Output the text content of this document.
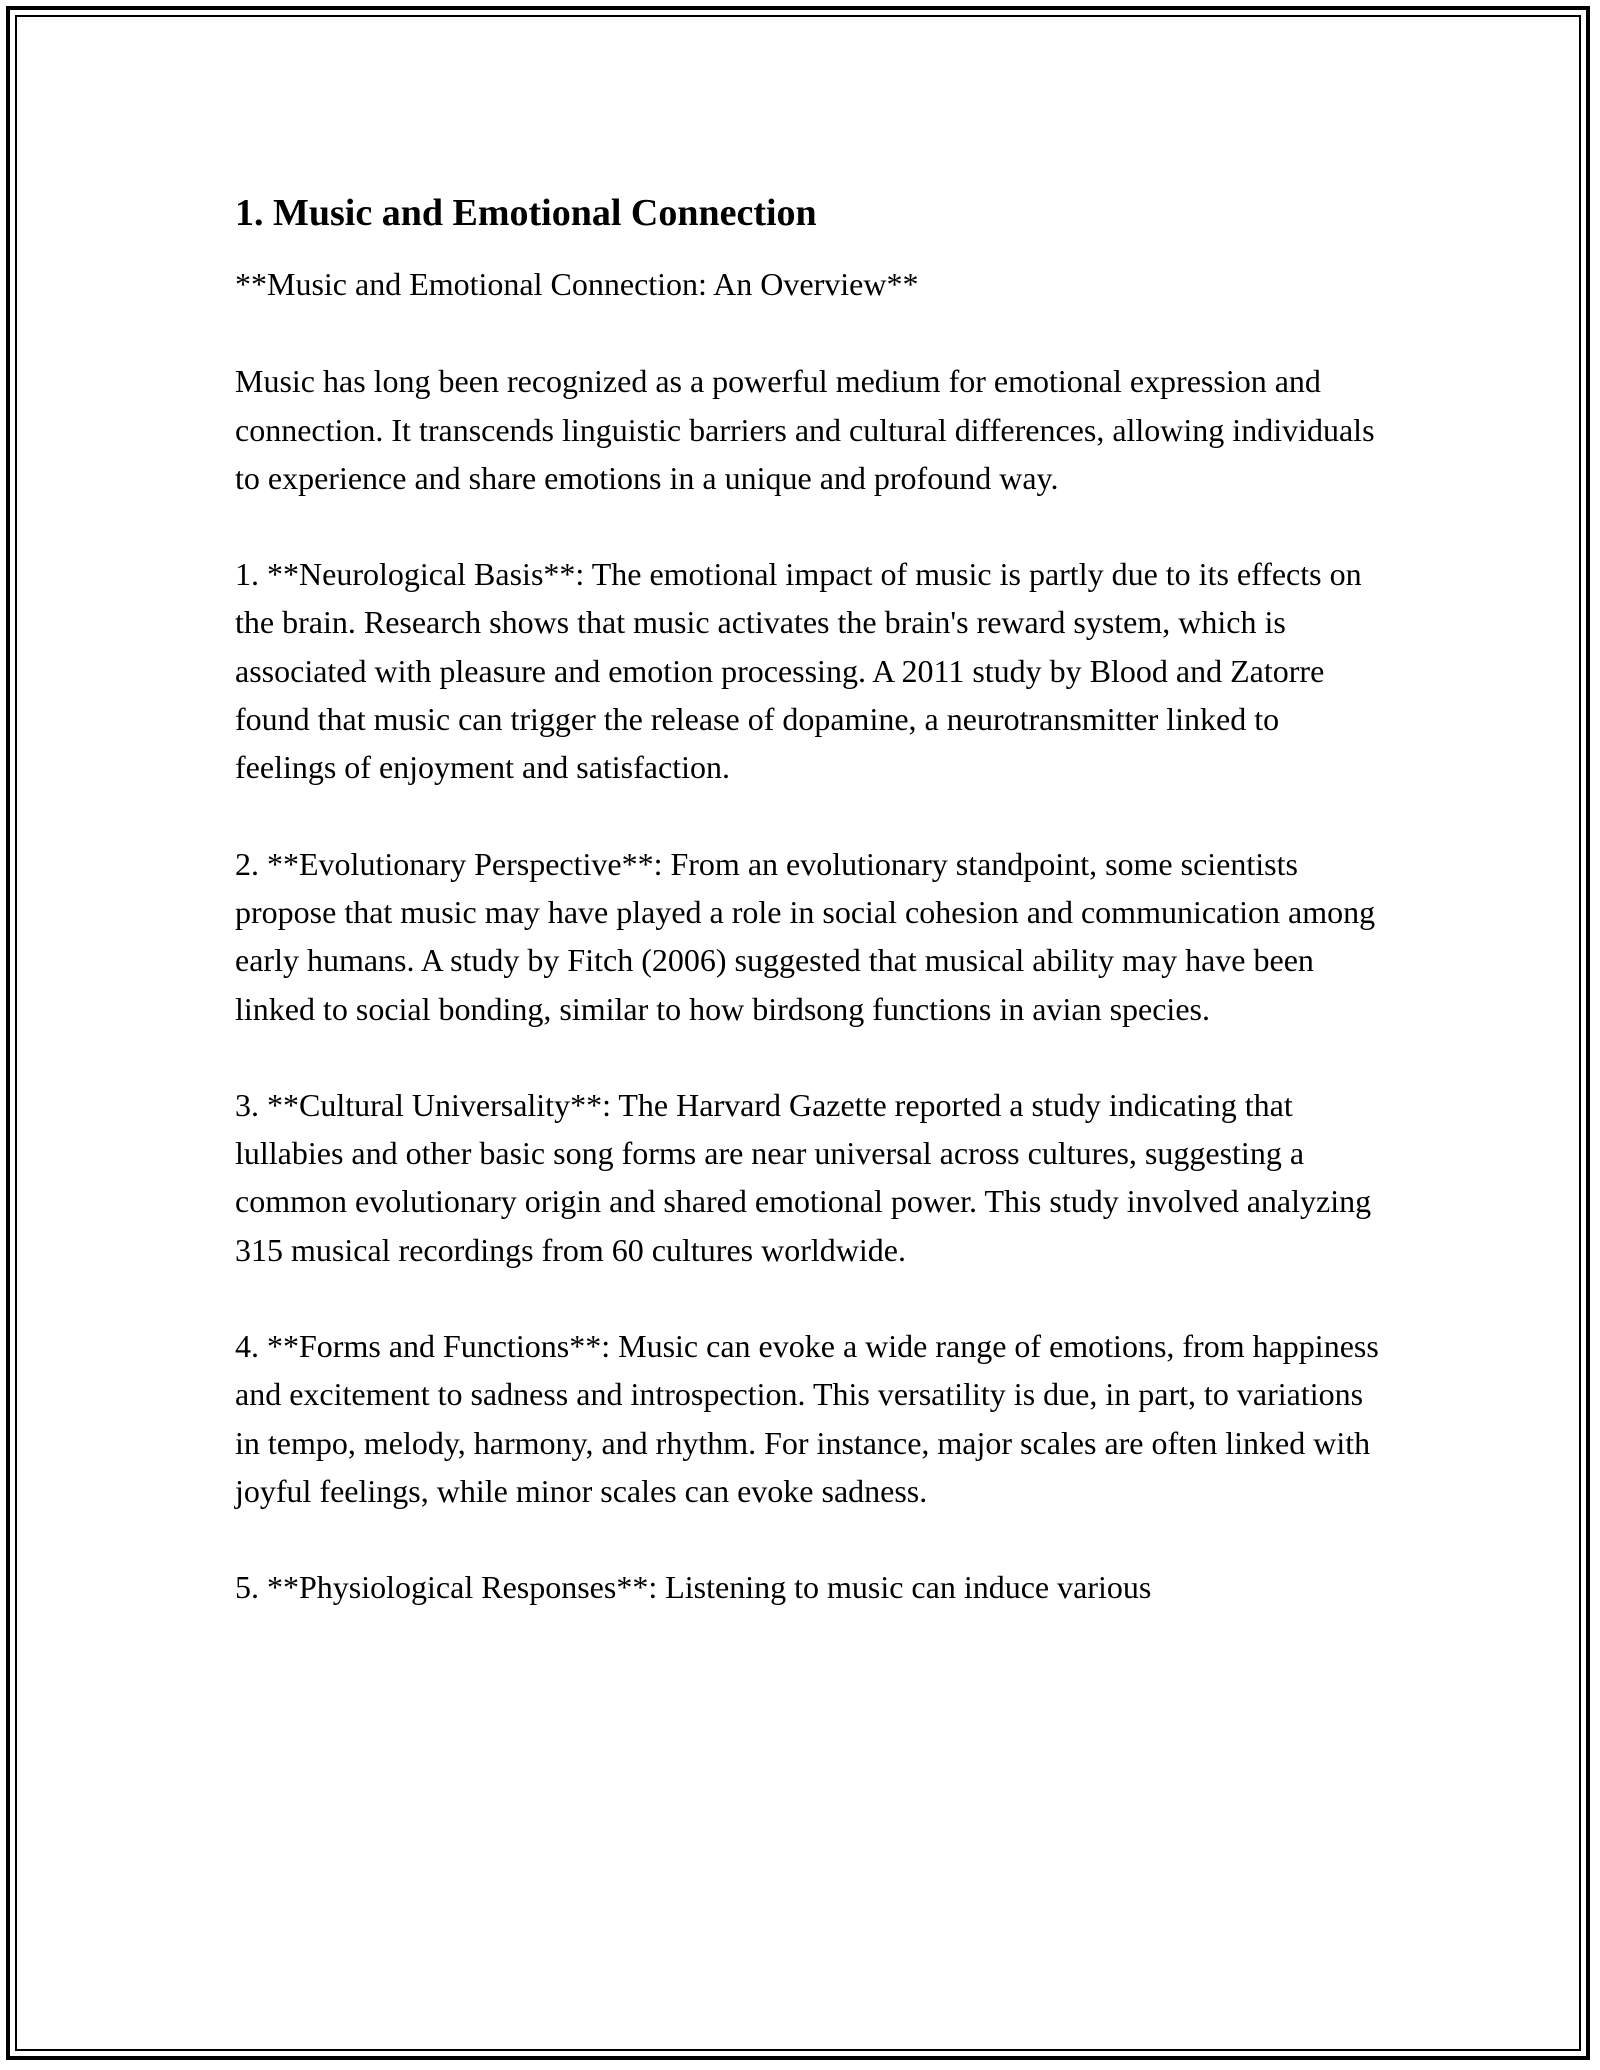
1. Music and Emotional Connection

**Music and Emotional Connection: An Overview**

Music has long been recognized as a powerful medium for emotional expression and connection. It transcends linguistic barriers and cultural differences, allowing individuals to experience and share emotions in a unique and profound way.

1. **Neurological Basis**: The emotional impact of music is partly due to its effects on the brain. Research shows that music activates the brain's reward system, which is associated with pleasure and emotion processing. A 2011 study by Blood and Zatorre found that music can trigger the release of dopamine, a neurotransmitter linked to feelings of enjoyment and satisfaction.

2. **Evolutionary Perspective**: From an evolutionary standpoint, some scientists propose that music may have played a role in social cohesion and communication among early humans. A study by Fitch (2006) suggested that musical ability may have been linked to social bonding, similar to how birdsong functions in avian species.

3. **Cultural Universality**: The Harvard Gazette reported a study indicating that lullabies and other basic song forms are near universal across cultures, suggesting a common evolutionary origin and shared emotional power. This study involved analyzing 315 musical recordings from 60 cultures worldwide.

4. **Forms and Functions**: Music can evoke a wide range of emotions, from happiness and excitement to sadness and introspection. This versatility is due, in part, to variations in tempo, melody, harmony, and rhythm. For instance, major scales are often linked with joyful feelings, while minor scales can evoke sadness.

5. **Physiological Responses**: Listening to music can induce various
